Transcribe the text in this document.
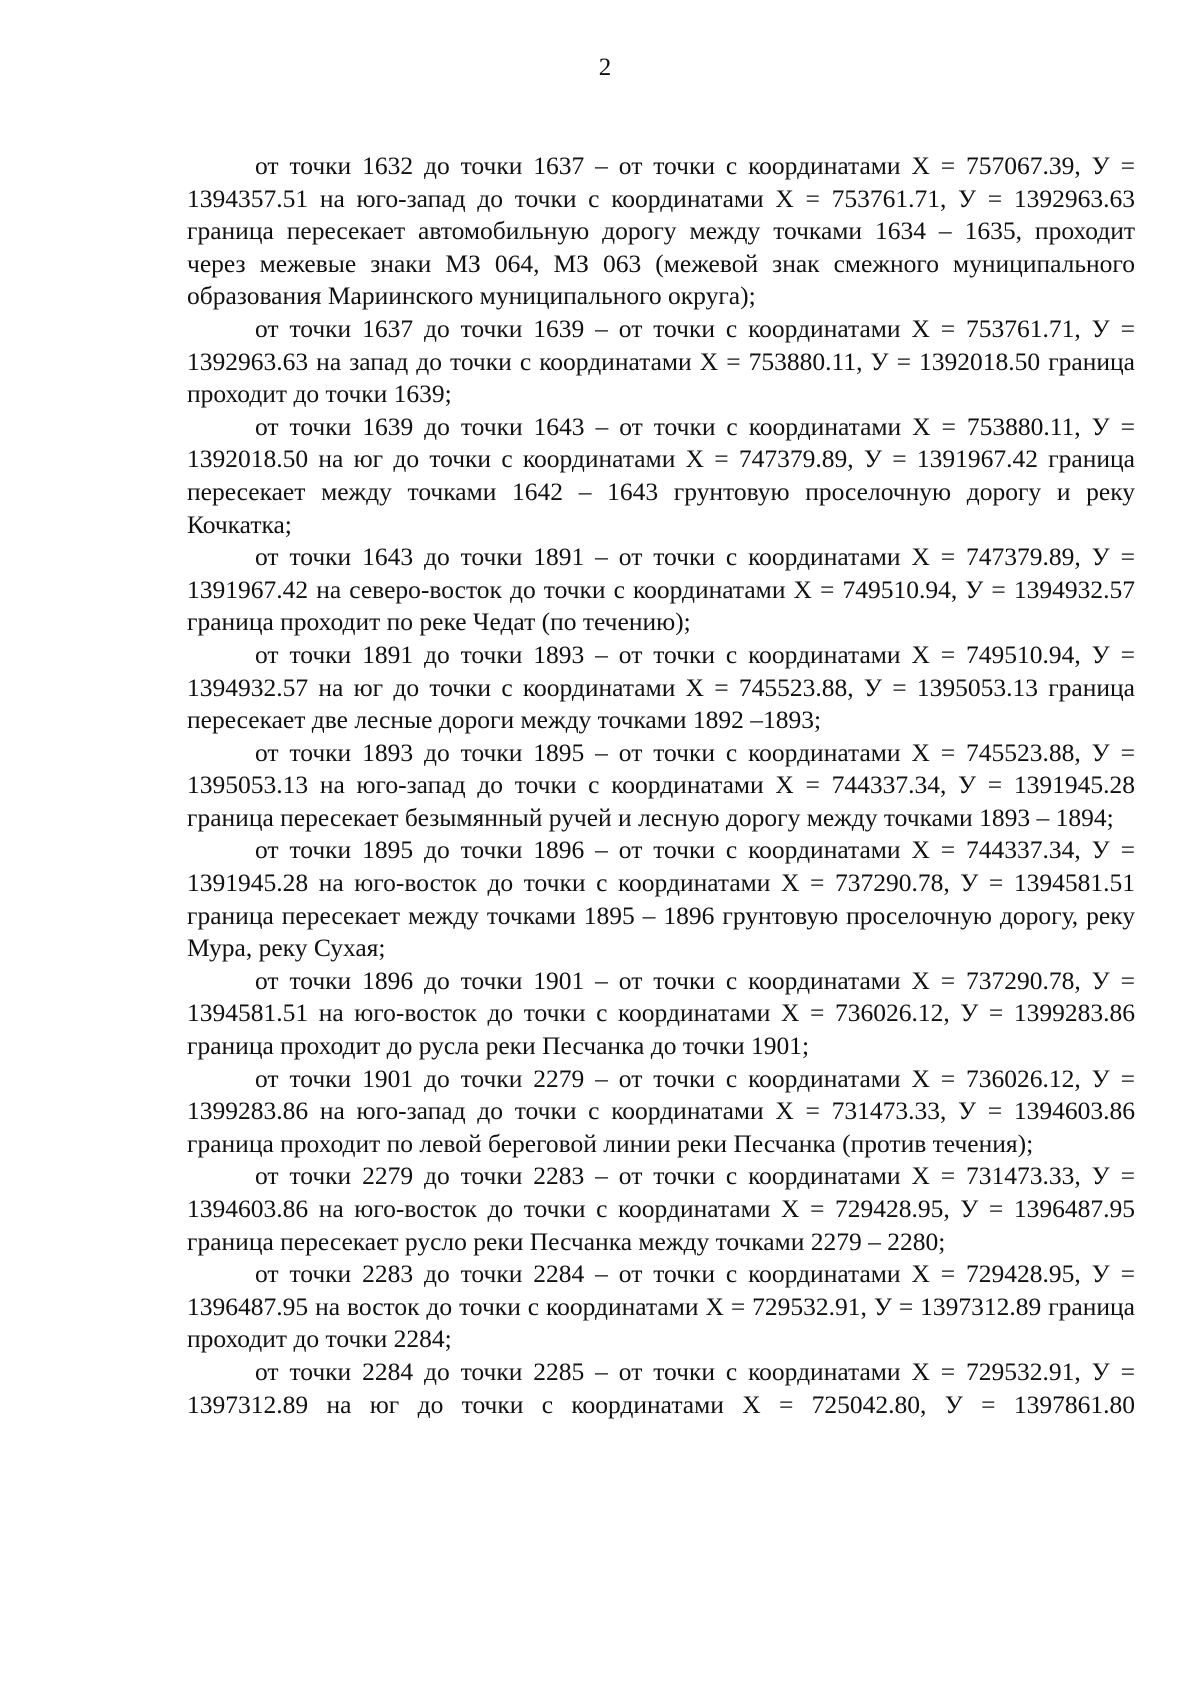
2

от точки 1632 до точки 1637 – от точки с координатами Х = 757067.39, У = 1394357.51 на юго-запад до точки с координатами Х = 753761.71, У = 1392963.63 граница пересекает автомобильную дорогу между точками 1634 – 1635, проходит через межевые знаки МЗ 064, МЗ 063 (межевой знак смежного муниципального образования Мариинского муниципального округа);

от точки 1637 до точки 1639 – от точки с координатами Х = 753761.71, У = 1392963.63 на запад до точки с координатами Х = 753880.11, У = 1392018.50 граница проходит до точки 1639;

от точки 1639 до точки 1643 – от точки с координатами Х = 753880.11, У = 1392018.50 на юг до точки с координатами Х = 747379.89, У = 1391967.42 граница пересекает между точками 1642 – 1643 грунтовую проселочную дорогу и реку Кочкатка;

от точки 1643 до точки 1891 – от точки с координатами Х = 747379.89, У = 1391967.42 на северо-восток до точки с координатами Х = 749510.94, У = 1394932.57 граница проходит по реке Чедат (по течению);

от точки 1891 до точки 1893 – от точки с координатами Х = 749510.94, У = 1394932.57 на юг до точки с координатами Х = 745523.88, У = 1395053.13 граница пересекает две лесные дороги между точками 1892 –1893;

от точки 1893 до точки 1895 – от точки с координатами Х = 745523.88, У = 1395053.13 на юго-запад до точки с координатами Х = 744337.34, У = 1391945.28 граница пересекает безымянный ручей и лесную дорогу между точками 1893 – 1894;

от точки 1895 до точки 1896 – от точки с координатами Х = 744337.34, У = 1391945.28 на юго-восток до точки с координатами Х = 737290.78, У = 1394581.51 граница пересекает между точками 1895 – 1896 грунтовую проселочную дорогу, реку Мура, реку Сухая;

от точки 1896 до точки 1901 – от точки с координатами Х = 737290.78, У = 1394581.51 на юго-восток до точки с координатами Х = 736026.12, У = 1399283.86 граница проходит до русла реки Песчанка до точки 1901;

от точки 1901 до точки 2279 – от точки с координатами Х = 736026.12, У = 1399283.86 на юго-запад до точки с координатами Х = 731473.33, У = 1394603.86 граница проходит по левой береговой линии реки Песчанка (против течения);

от точки 2279 до точки 2283 – от точки с координатами Х = 731473.33, У = 1394603.86 на юго-восток до точки с координатами Х = 729428.95, У = 1396487.95 граница пересекает русло реки Песчанка между точками 2279 – 2280;

от точки 2283 до точки 2284 – от точки с координатами Х = 729428.95, У = 1396487.95 на восток до точки с координатами Х = 729532.91, У = 1397312.89 граница проходит до точки 2284;

от точки 2284 до точки 2285 – от точки с координатами Х = 729532.91, У = 1397312.89 на юг до точки с координатами Х = 725042.80, У = 1397861.80
